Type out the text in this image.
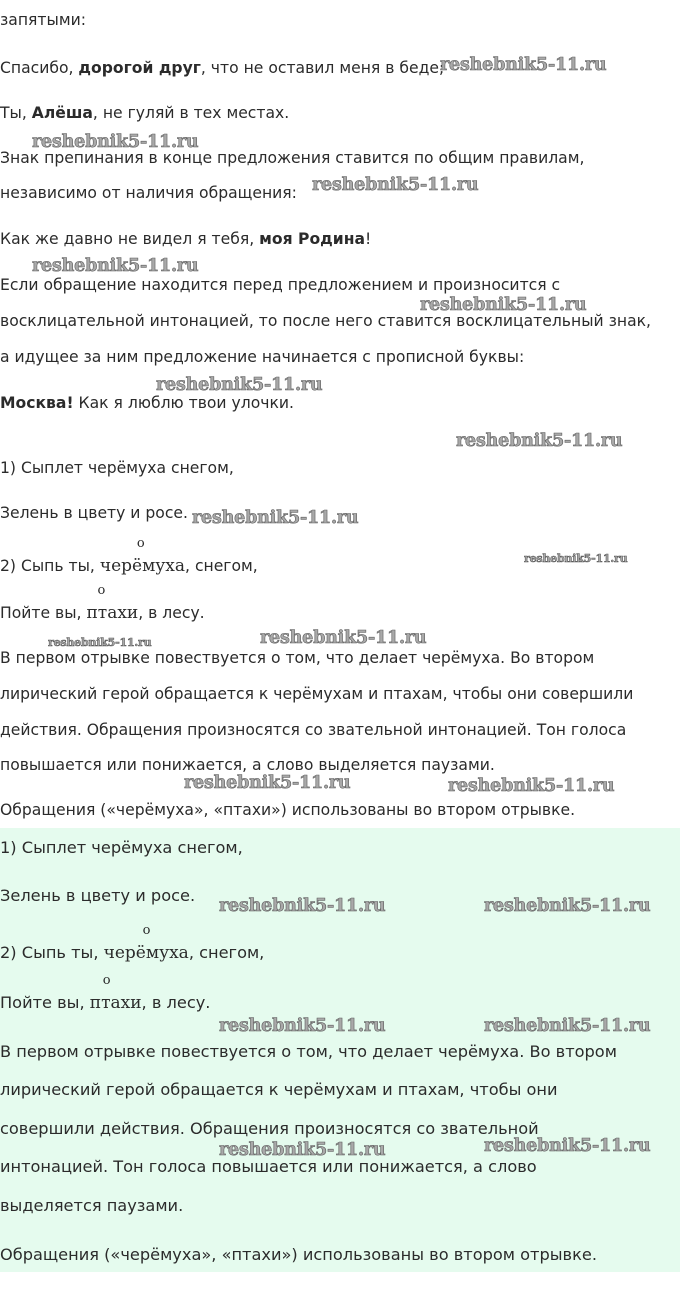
запятыми:

Спасибо, дорогой друг, что не оставил меня в беде;

Ты, Алёша, не гуляй в тех местах.

Знак препинания в конце предложения ставится по общим правилам,

независимо от наличия обращения:

Как же давно не видел я тебя, моя Родина!

Если обращение находится перед предложением и произносится с

восклицательной интонацией, то после него ставится восклицательный знак,

а идущее за ним предложение начинается с прописной буквы:

Москва! Как я люблю твои улочки.

1) Сыплет черёмуха снегом,

Зелень в цвету и росе.

2) Сыпь ты,
о
черёмуха, снегом,

Пойте вы,
о
птахи, в лесу.

В первом отрывке повествуется о том, что делает черёмуха. Во втором

лирический герой обращается к черёмухам и птахам, чтобы они совершили

действия. Обращения произносятся со звательной интонацией. Тон голоса

повышается или понижается, а слово выделяется паузами.

Обращения («черёмуха», «птахи») использованы во втором отрывке.

1) Сыплет черёмуха снегом,

Зелень в цвету и росе.

2) Сыпь ты,
о
черёмуха, снегом,

Пойте вы,
о
птахи, в лесу.

В первом отрывке повествуется о том, что делает черёмуха. Во втором

лирический герой обращается к черёмухам и птахам, чтобы они

совершили действия. Обращения произносятся со звательной

интонацией. Тон голоса повышается или понижается, а слово

выделяется паузами.

Обращения («черёмуха», «птахи») использованы во втором отрывке.

reshebnik5-11.ru
reshebnik5-11.ru
reshebnik5-11.ru
reshebnik5-11.ru
reshebnik5-11.ru
reshebnik5-11.ru
reshebnik5-11.ru
reshebnik5-11.ru
reshebnik5-11.ru
reshebnik5-11.ru	reshebnik5-11.ru
reshebnik5-11.ru	reshebnik5-11.ru
reshebnik5-11.ru	reshebnik5-11.ru
reshebnik5-11.ru	reshebnik5-11.ru
reshebnik5-11.ru	reshebnik5-11.ru
